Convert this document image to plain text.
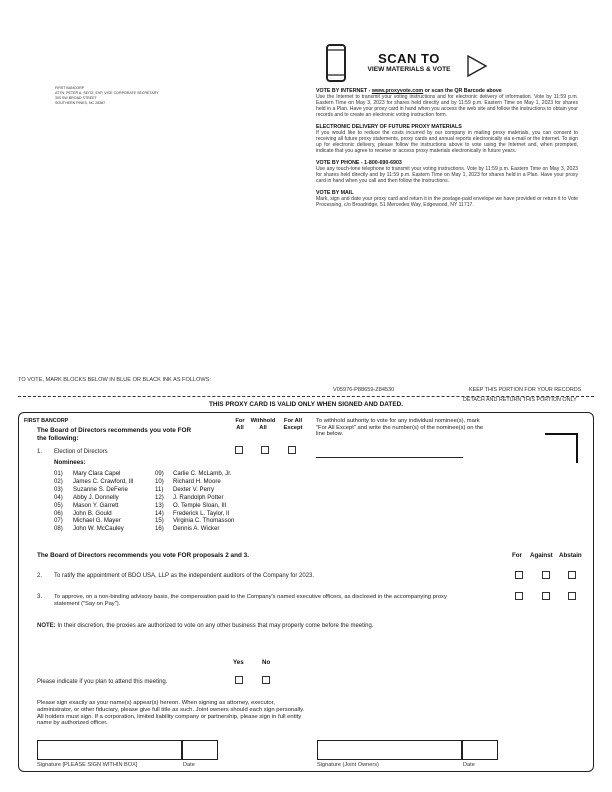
FIRST BANCORP
ATTN: PETER A. SEITZ, EVP, VICE CORPORATE SECRETARY
300 SW BROAD STREET
SOUTHERN PINES, NC 28387
SCAN TO
VIEW MATERIALS & VOTE
VOTE BY INTERNET - www.proxyvote.com or scan the QR Barcode above
Use the Internet to transmit your voting instructions and for electronic delivery of information. Vote by 11:59 p.m. Eastern Time on May 3, 2023 for shares held directly and by 11:59 p.m. Eastern Time on May 1, 2023 for shares held in a Plan. Have your proxy card in hand when you access the web site and follow the instructions to obtain your records and to create an electronic voting instruction form.
ELECTRONIC DELIVERY OF FUTURE PROXY MATERIALS
If you would like to reduce the costs incurred by our company in mailing proxy materials, you can consent to receiving all future proxy statements, proxy cards and annual reports electronically via e-mail or the Internet. To sign up for electronic delivery, please follow the instructions above to vote using the Internet and, when prompted, indicate that you agree to receive or access proxy materials electronically in future years.
VOTE BY PHONE - 1-800-690-6903
Use any touch-tone telephone to transmit your voting instructions. Vote by 11:59 p.m. Eastern Time on May 3, 2023 for shares held directly and by 11:59 p.m. Eastern Time on May 1, 2023 for shares held in a Plan. Have your proxy card in hand when you call and then follow the instructions.
VOTE BY MAIL
Mark, sign and date your proxy card and return it in the postage-paid envelope we have provided or return it to Vote Processing, c/o Broadridge, 51 Mercedes Way, Edgewood, NY 11717.
TO VOTE, MARK BLOCKS BELOW IN BLUE OR BLACK INK AS FOLLOWS:
V05976-P88659-Z84530	KEEP THIS PORTION FOR YOUR RECORDS
DETACH AND RETURN THIS PORTION ONLY
THIS PROXY CARD IS VALID ONLY WHEN SIGNED AND DATED.
FIRST BANCORP
The Board of Directors recommends you vote FOR
the following:
For
All
Withhold
All
For All
Except
To withhold authority to vote for any individual nominee(s), mark "For All Except" and write the number(s) of the nominee(s) on the line below.
1. Election of Directors
Nominees:
01) Mary Clara Capel
02) James C. Crawford, III
03) Suzanne S. DeFerie
04) Abby J. Donnelly
05) Mason Y. Garrett
06) John B. Gould
07) Michael G. Mayer
08) John W. McCauley
09) Carlie C. McLamb, Jr.
10) Richard H. Moore
11) Dexter V. Perry
12) J. Randolph Potter
13) O. Temple Sloan, III
14) Frederick L. Taylor, II
15) Virginia C. Thomasson
16) Dennis A. Wicker
The Board of Directors recommends you vote FOR proposals 2 and 3.	For Against Abstain
2. To ratify the appointment of BDO USA, LLP as the independent auditors of the Company for 2023.
3. To approve, on a non-binding advisory basis, the compensation paid to the Company's named executive officers, as disclosed in the accompanying proxy
statement ("Say on Pay").
NOTE: In their discretion, the proxies are authorized to vote on any other business that may properly come before the meeting.
Yes	No
Please indicate if you plan to attend this meeting.
Please sign exactly as your name(s) appear(s) hereon. When signing as attorney, executor, administrator, or other fiduciary, please give full title as such. Joint owners should each sign personally. All holders must sign. If a corporation, limited liability company or partnership, please sign in full entity name by authorized officer.
Signature [PLEASE SIGN WITHIN BOX]	Date	Signature (Joint Owners)	Date
